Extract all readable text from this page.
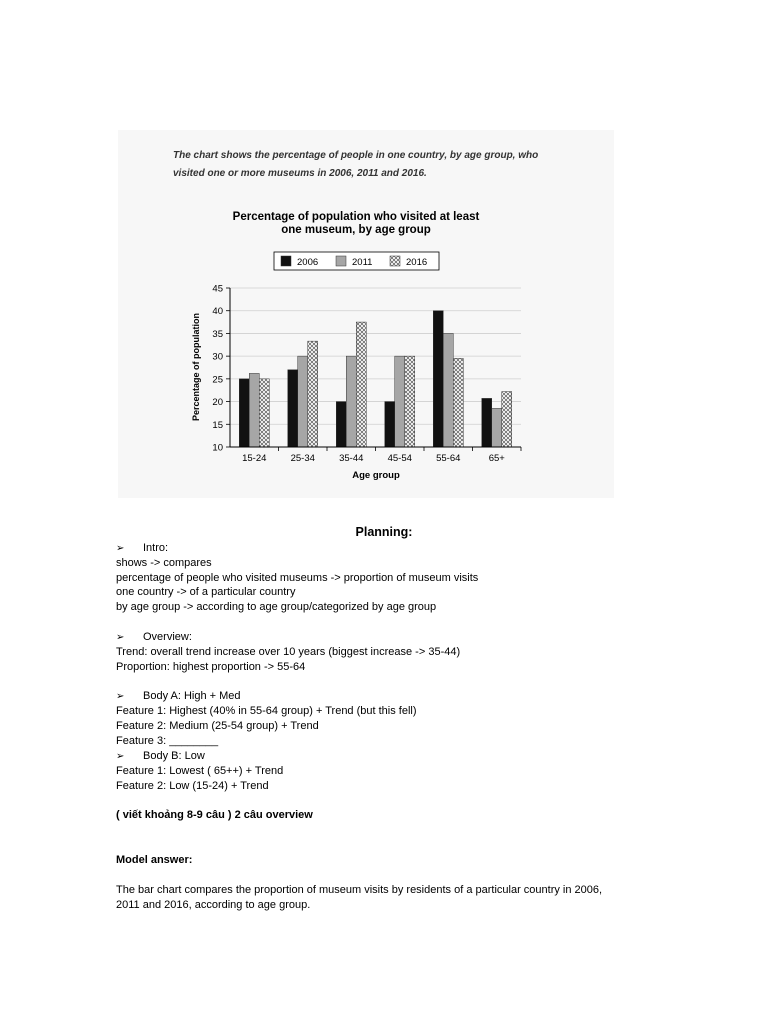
The chart shows the percentage of people in one country, by age group, who
visited one or more museums in 2006, 2011 and 2016.
Percentage of population who visited at least
one museum, by age group
2006	2011	2016
10
15
20
25
30
35
40
45
15-24	25-34	35-44	45-54	55-64	65+
Percentage of population
Age group
Planning:
➢ Intro:
shows -> compares
percentage of people who visited museums -> proportion of museum visits
one country -> of a particular country
by age group -> according to age group/categorized by age group
➢ Overview:
Trend: overall trend increase over 10 years (biggest increase -> 35-44)
Proportion: highest proportion -> 55-64
➢ Body A: High + Med
Feature 1: Highest (40% in 55-64 group) + Trend (but this fell)
Feature 2: Medium (25-54 group) + Trend
Feature 3: ________
➢ Body B: Low
Feature 1: Lowest ( 65++) + Trend
Feature 2: Low (15-24) + Trend
( viết khoảng 8-9 câu ) 2 câu overview
Model answer:
The bar chart compares the proportion of museum visits by residents of a particular country in 2006,
2011 and 2016, according to age group.
